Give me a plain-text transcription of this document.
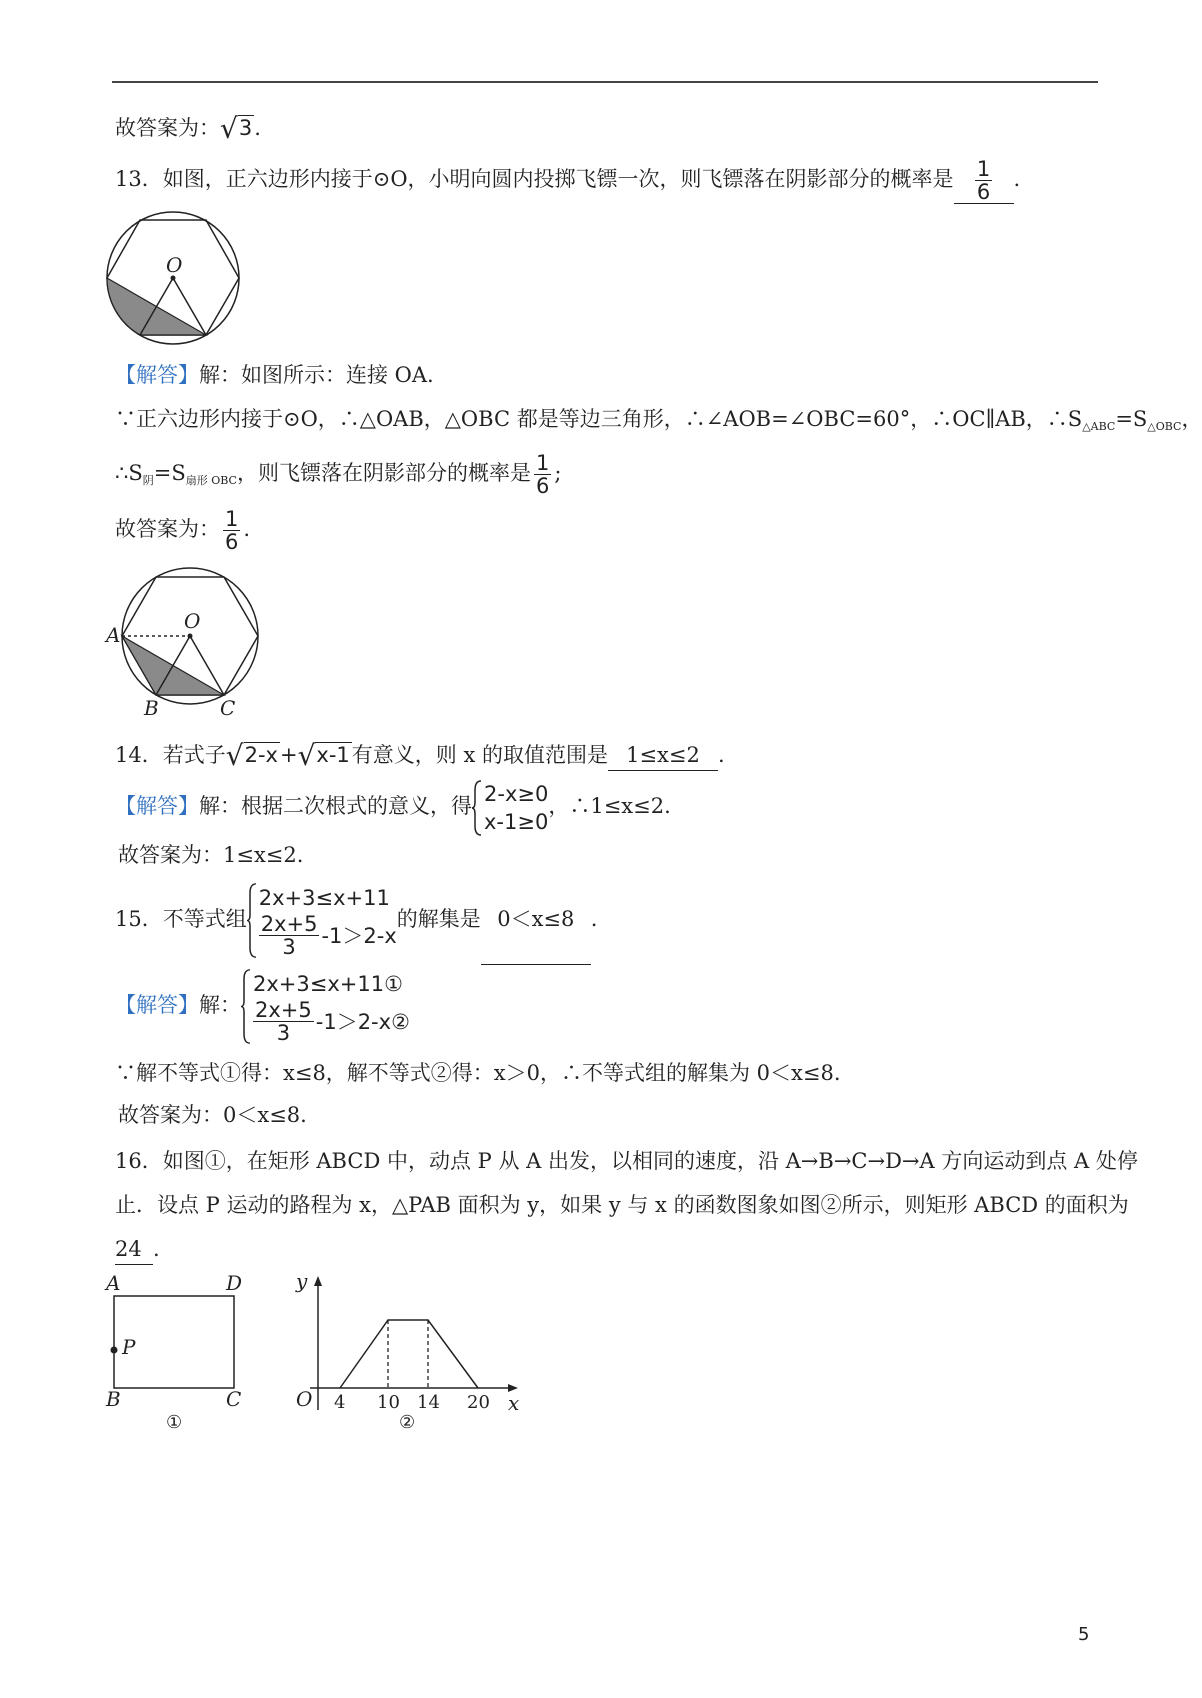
故答案为：√3.
13．如图，正六边形内接于⊙O，小明向圆内投掷飞镖一次，则飞镖落在阴影部分的概率是 $\frac{1}{6}$ .
O
【解答】解：如图所示：连接 OA.
∵正六边形内接于⊙O，∴△OAB，△OBC 都是等边三角形，∴∠AOB=∠OBC=60°，∴OC∥AB，$\therefore S_{\triangle ABC}=S_{\triangle OBC}$，
$\therefore S_阴=S_{扇形 OBC}$，则飞镖落在阴影部分的概率是 $\frac{1}{6}$ ;
故答案为： $\frac{1}{6}$ .
O
A
B	C
14．若式子√2-x+√x-1有意义，则 x 的取值范围是 1≤x≤2 .
【解答】解：根据二次根式的意义，得
2-x≥0
x-1≥0
，∴1≤x≤2.
故答案为：1≤x≤2.
15．不等式组
2x+3≤x+11
$\frac{2x+5}{3} -1>2-x$
的解集是 0＜x≤8 .
【解答】解：
2x+3≤x+11①
$\frac{2x+5}{3} -1>2-x$ ②
∵解不等式①得：x≤8，解不等式②得：x＞0，∴不等式组的解集为 0＜x≤8.
故答案为：0＜x≤8.
16．如图①，在矩形 ABCD 中，动点 P 从 A 出发，以相同的速度，沿 A→B→C→D→A 方向运动到点 A 处停
止．设点 P 运动的路程为 x，△PAB 面积为 y，如果 y 与 x 的函数图象如图②所示，则矩形 ABCD 的面积为
24 .
A	D
P
B	C
①
y
x
O 4 10 14 20
②
5
